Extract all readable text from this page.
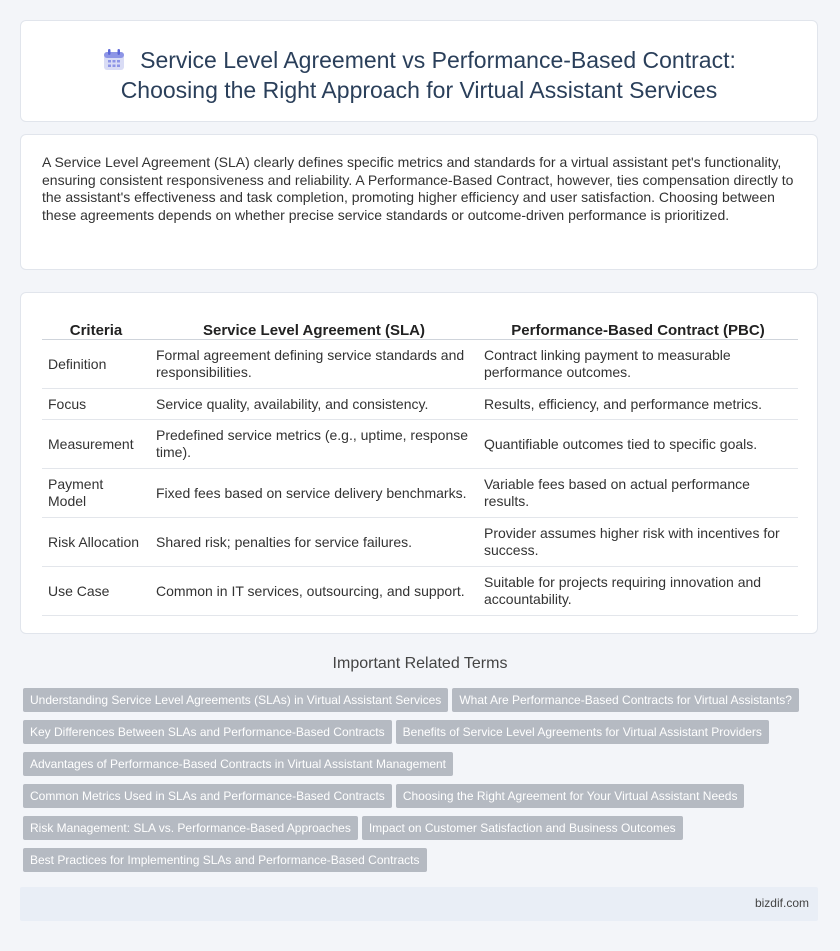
Service Level Agreement vs Performance-Based Contract:
Choosing the Right Approach for Virtual Assistant Services

A Service Level Agreement (SLA) clearly defines specific metrics and standards for a virtual assistant pet's functionality, ensuring consistent responsiveness and reliability. A Performance-Based Contract, however, ties compensation directly to the assistant's effectiveness and task completion, promoting higher efficiency and user satisfaction. Choosing between these agreements depends on whether precise service standards or outcome-driven performance is prioritized.

Criteria	Service Level Agreement (SLA)	Performance-Based Contract (PBC)
Definition	Formal agreement defining service standards and responsibilities.	Contract linking payment to measurable performance outcomes.
Focus	Service quality, availability, and consistency.	Results, efficiency, and performance metrics.
Measurement	Predefined service metrics (e.g., uptime, response time).	Quantifiable outcomes tied to specific goals.
Payment Model	Fixed fees based on service delivery benchmarks.	Variable fees based on actual performance results.
Risk Allocation	Shared risk; penalties for service failures.	Provider assumes higher risk with incentives for success.
Use Case	Common in IT services, outsourcing, and support.	Suitable for projects requiring innovation and accountability.
Important Related Terms
Understanding Service Level Agreements (SLAs) in Virtual Assistant Services What Are Performance-Based Contracts for Virtual Assistants?
Key Differences Between SLAs and Performance-Based Contracts Benefits of Service Level Agreements for Virtual Assistant Providers
Advantages of Performance-Based Contracts in Virtual Assistant Management
Common Metrics Used in SLAs and Performance-Based Contracts Choosing the Right Agreement for Your Virtual Assistant Needs
Risk Management: SLA vs. Performance-Based Approaches Impact on Customer Satisfaction and Business Outcomes
Best Practices for Implementing SLAs and Performance-Based Contracts
bizdif.com
